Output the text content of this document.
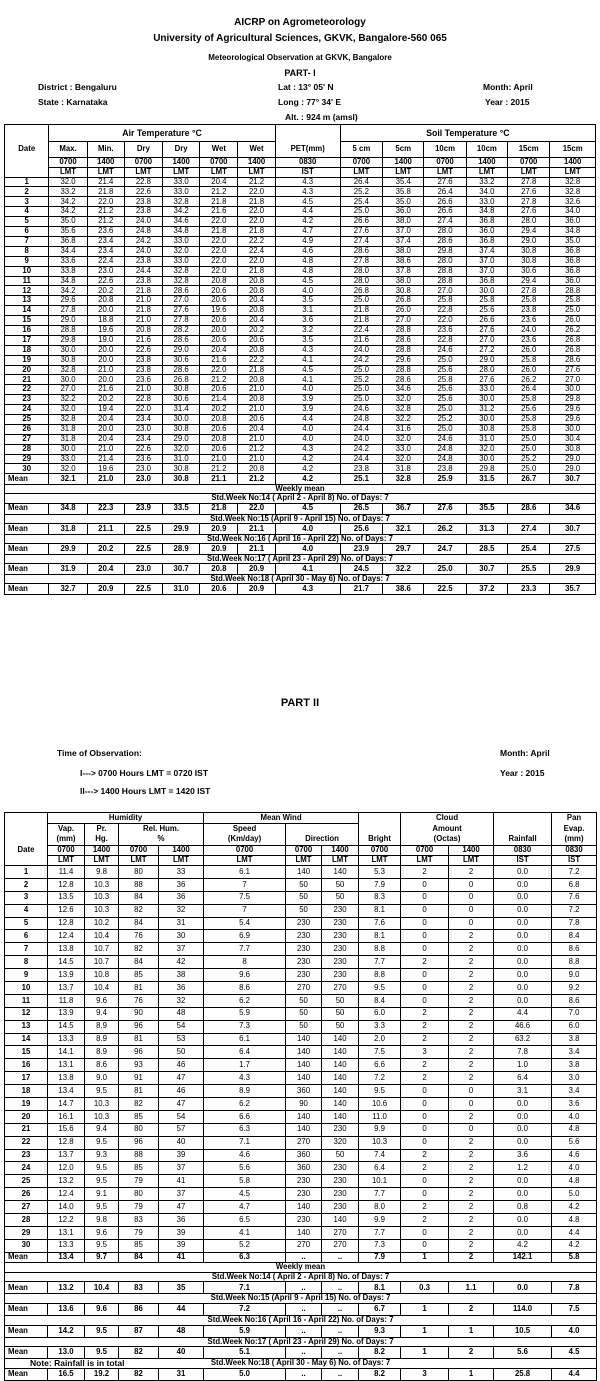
AICRP on Agrometeorology
University of Agricultural Sciences, GKVK, Bangalore-560 065
Meteorological Observation at GKVK, Bangalore
PART- I
District : Bengaluru
State : Karnataka
Lat : 13° 05' N
Long : 77° 34' E
Alt. : 924 m (amsl)
Month: April
Year : 2015
	Air Temperature °C							Soil Temperature °C					
Date	Max.	Min.	Dry	Dry	Wet	Wet	PET(mm)	5 cm	5cm	10cm	10cm	15cm	15cm
	0700	1400	0700	1400	0700	1400	0830	0700	1400	0700	1400	0700	1400
	LMT	LMT	LMT	LMT	LMT	LMT	IST	LMT	LMT	LMT	LMT	LMT	LMT
1	32.0	21.4	22.8	33.0	20.4	21.2	4.3	26.4	35.4	27.6	33.2	27.8	32.8
2	33.2	21.8	22.6	33.0	21.2	22.0	4.3	25.2	35.8	26.4	34.0	27.6	32.8
3	34.2	22.0	23.8	32.8	21.8	21.8	4.5	25.4	35.0	26.6	33.0	27.8	32.6
4	34.2	21.2	23.8	34.2	21.6	22.0	4.4	25.0	36.0	26.6	34.8	27.6	34.0
5	35.0	21.2	24.0	34.6	22.0	22.0	4.2	26.6	38.0	27.4	36.8	28.0	36.0
6	35.6	23.6	24.8	34.8	21.8	21.8	4.7	27.6	37.0	28.0	36.0	29.4	34.8
7	36.8	23.4	24.2	33.0	22.0	22.2	4.9	27.4	37.4	28.6	36.8	29.0	35.0
8	34.4	23.4	24.0	32.0	22.0	22.4	4.6	28.6	38.0	29.8	37.4	30.8	36.8
9	33.6	22.4	23.8	33.0	22.0	22.0	4.8	27.8	38.6	28.0	37.0	30.8	36.8
10	33.8	23.0	24.4	32.8	22.0	21.8	4.8	28.0	37.8	28.8	37.0	30.6	36.8
11	34.8	22.6	23.8	32.8	20.8	20.8	4.5	28.0	38.0	28.8	36.8	29.4	36.0
12	34.2	20.2	21.8	28.6	20.6	20.8	4.0	26.8	30.8	27.0	30.0	27.8	28.8
13	29.6	20.8	21.0	27.0	20.6	20.4	3.5	25.0	26.8	25.8	25.8	25.8	25.8
14	27.8	20.0	21.8	27.6	19.6	20.8	3.1	21.8	26.0	22.8	25.6	23.8	25.0
15	29.0	18.8	21.0	27.8	20.6	20.4	3.6	21.8	27.0	22.0	26.6	23.6	26.0
16	28.8	19.6	20.8	28.2	20.0	20.2	3.2	22.4	28.8	23.6	27.6	24.0	26.2
17	29.8	19.0	21.6	28.6	20.6	20.6	3.5	21.6	28.6	22.8	27.0	23.6	26.8
18	30.0	20.0	22.6	29.0	20.4	20.8	4.3	24.0	28.8	24.6	27.2	26.0	26.8
19	30.8	20.0	23.8	30.6	21.6	22.2	4.1	24.2	29.6	25.0	29.0	25.8	28.6
20	32.8	21.0	23.8	28.6	22.0	21.8	4.5	25.0	28.8	25.6	28.0	26.0	27.6
21	30.0	20.0	23.6	26.8	21.2	20.8	4.1	25.2	28.6	25.8	27.6	26.2	27.0
22	27.0	21.6	21.0	30.8	20.6	21.0	4.0	25.0	34.6	25.6	33.0	26.4	30.0
23	32.2	20.2	22.8	30.6	21.4	20.8	3.9	25.0	32.0	25.6	30.0	25.8	29.8
24	32.0	19.4	22.0	31.4	20.2	21.0	3.9	24.6	32.8	25.0	31.2	25.6	29.6
25	32.8	20.4	23.4	30.0	20.8	20.6	4.4	24.8	32.2	25.2	30.0	25.8	29.6
26	31.8	20.0	23.0	30.8	20.6	20.4	4.0	24.4	31.6	25.0	30.8	25.8	30.0
27	31.8	20.4	23.4	29.0	20.8	21.0	4.0	24.0	32.0	24.6	31.0	25.0	30.4
28	30.0	21.0	22.6	32.0	20.6	21.2	4.3	24.2	33.0	24.8	32.0	25.0	30.8
29	33.0	21.4	23.6	31.0	21.0	21.0	4.2	24.4	32.0	24.8	30.0	25.2	29.0
30	32.0	19.6	23.0	30.8	21.2	20.8	4.2	23.8	31.8	23.8	29.8	25.0	29.0
Mean	32.1	21.0	23.0	30.8	21.1	21.2	4.2	25.1	32.8	25.9	31.5	26.7	30.7
Weekly mean													
Std.Week No:14 ( April 2 - April 8) No. of Days: 7													
Mean	34.8	22.3	23.9	33.5	21.8	22.0	4.5	26.5	36.7	27.6	35.5	28.6	34.6
Std.Week No:15 (April 9 - April 15) No. of Days: 7													
Mean	31.8	21.1	22.5	29.9	20.9	21.1	4.0	25.6	32.1	26.2	31.3	27.4	30.7
Std.Week No:16 ( April 16 - April 22) No. of Days: 7													
Mean	29.9	20.2	22.5	28.9	20.9	21.1	4.0	23.9	29.7	24.7	28.5	25.4	27.5
Std.Week No:17 ( April 23 - April 29) No. of Days: 7													
Mean	31.9	20.4	23.0	30.7	20.8	20.9	4.1	24.5	32.2	25.0	30.7	25.5	29.9
Std.Week No:18 ( April 30 - May 6) No. of Days: 7													
Mean	32.7	20.9	22.5	31.0	20.6	20.9	4.3	21.7	38.6	22.5	37.2	23.3	35.7
PART II
Time of Observation:
I---> 0700 Hours LMT = 0720 IST
II---> 1400 Hours LMT = 1420 IST
Month: April
Year : 2015
	Humidity				Mean Wind				Cloud			Pan
	Vap.	Pr.	Rel. Hum.		Speed				Amount			Evap.
	(mm)	Hg.	%		(Km/day)	Direction		Bright	(Octas)		Rainfall	(mm)
Date	0700	1400	0700	1400	0700	0700	1400	0700	0700	1400	0830	0830
	LMT	LMT	LMT	LMT	LMT	LMT	LMT	LMT	LMT	LMT	IST	IST
1	11.4	9.8	80	33	6.1	140	140	5.3	2	2	0.0	7.2
2	12.8	10.3	88	36	7	50	50	7.9	0	0	0.0	6.8
3	13.5	10.3	84	36	7.5	50	50	8.3	0	0	0.0	7.6
4	12.6	10.3	82	32	7	50	230	8.1	0	0	0.0	7.2
5	12.8	10.2	84	31	5.4	230	230	7.6	0	0	0.0	7.8
6	12.4	10.4	76	30	6.9	230	230	8.1	0	2	0.0	8.4
7	13.8	10.7	82	37	7.7	230	230	8.8	0	2	0.0	8.6
8	14.5	10.7	84	42	8	230	230	7.7	2	2	0.0	8.8
9	13.9	10.8	85	38	9.6	230	230	8.8	0	2	0.0	9.0
10	13.7	10.4	81	36	8.6	270	270	9.5	0	2	0.0	9.2
11	11.8	9.6	76	32	6.2	50	50	8.4	0	2	0.0	8.6
12	13.9	9.4	90	48	5.9	50	50	6.0	2	2	4.4	7.0
13	14.5	8.9	96	54	7.3	50	50	3.3	2	2	46.6	6.0
14	13.3	8.9	81	53	6.1	140	140	2.0	2	2	63.2	3.8
15	14.1	8.9	96	50	6.4	140	140	7.5	3	2	7.8	3.4
16	13.1	8.6	93	46	1.7	140	140	6.6	2	2	1.0	3.8
17	13.8	9.0	91	47	4.3	140	140	7.2	2	2	6.4	3.0
18	13.4	9.5	81	46	8.9	360	140	9.5	0	0	3.1	3.4
19	14.7	10.3	82	47	6.2	90	140	10.6	0	0	0.0	3.6
20	16.1	10.3	85	54	6.6	140	140	11.0	0	2	0.0	4.0
21	15.6	9.4	80	57	6.3	140	230	9.9	0	0	0.0	4.8
22	12.8	9.5	96	40	7.1	270	320	10.3	0	2	0.0	5.6
23	13.7	9.3	88	39	4.6	360	50	7.4	2	2	3.6	4.6
24	12.0	9.5	85	37	5.6	360	230	6.4	2	2	1.2	4.0
25	13.2	9.5	79	41	5.8	230	230	10.1	0	2	0.0	4.8
26	12.4	9.1	80	37	4.5	230	230	7.7	0	2	0.0	5.0
27	14.0	9.5	79	47	4.7	140	230	8.0	2	2	0.8	4.2
28	12.2	9.8	83	36	6.5	230	140	9.9	2	2	0.0	4.8
29	13.1	9.6	79	39	4.1	140	270	7.7	0	2	0.0	4.4
30	13.3	9.5	85	39	5.2	270	270	7.3	0	2	4.2	4.2
Mean	13.4	9.7	84	41	6.3	..	..	7.9	1	2	142.1	5.8
Weekly mean												
Std.Week No:14 ( April 2 - April 8) No. of Days: 7												
Mean	13.2	10.4	83	35	7.1	..	..	8.1	0.3	1.1	0.0	7.8
Std.Week No:15 (April 9 - April 15) No. of Days: 7												
Mean	13.6	9.6	86	44	7.2	..	..	6.7	1	2	114.0	7.5
Std.Week No:16 ( April 16 - April 22) No. of Days: 7												
Mean	14.2	9.5	87	48	5.9	..	..	9.3	1	1	10.5	4.0
Std.Week No:17 ( April 23 - April 29) No. of Days: 7												
Mean	13.0	9.5	82	40	5.1	..	..	8.2	1	2	5.6	4.5
Std.Week No:18 ( April 30 - May 6) No. of Days: 7												
Mean	16.5	19.2	82	31	5.0	..	..	8.2	3	1	25.8	4.4
Note: Rainfall is in total
